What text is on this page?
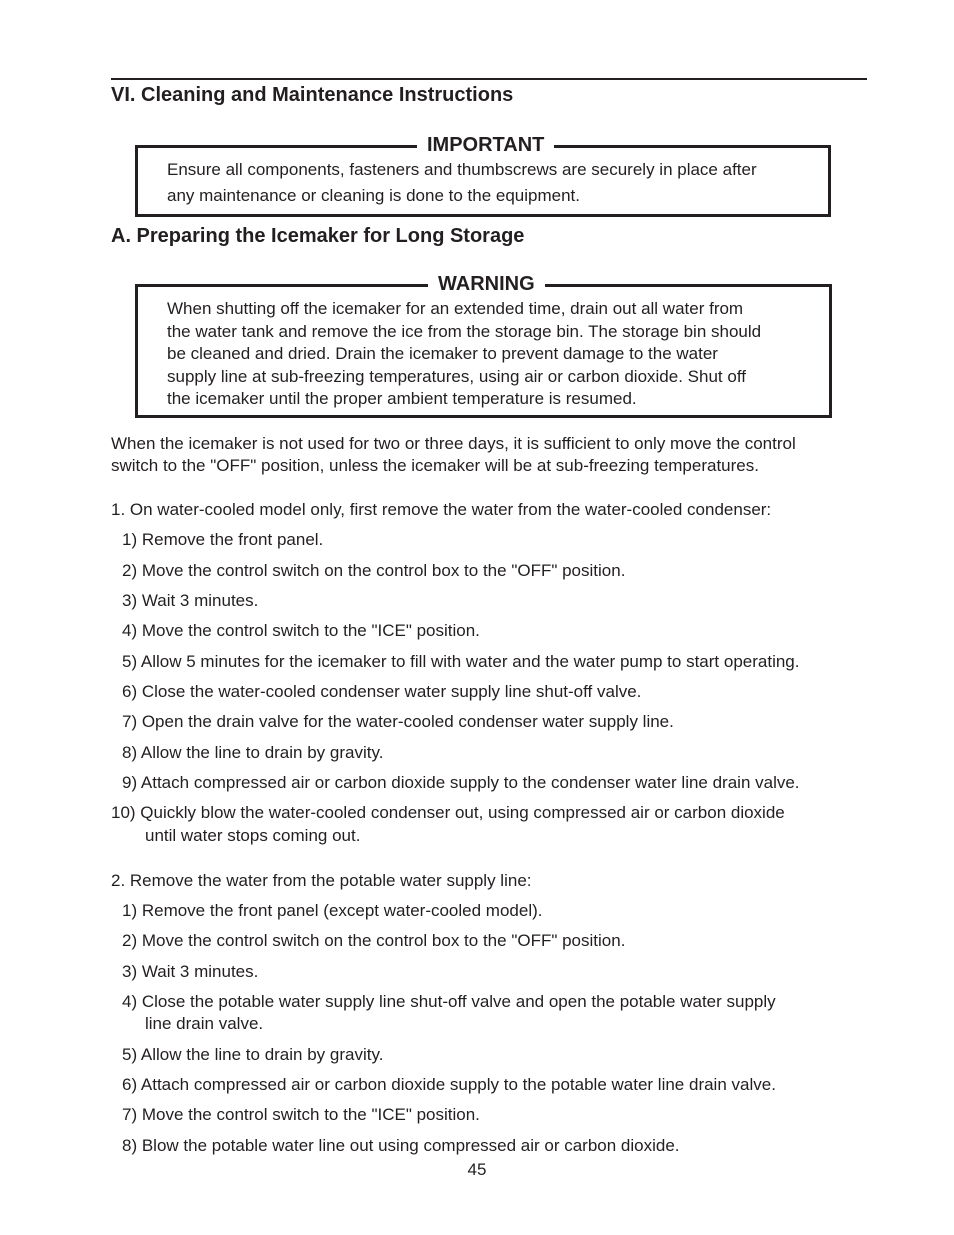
VI. Cleaning and Maintenance Instructions
IMPORTANT
Ensure all components, fasteners and thumbscrews are securely in place after
any maintenance or cleaning is done to the equipment.
A. Preparing the Icemaker for Long Storage
WARNING
When shutting off the icemaker for an extended time, drain out all water from
the water tank and remove the ice from the storage bin. The storage bin should
be cleaned and dried. Drain the icemaker to prevent damage to the water
supply line at sub-freezing temperatures, using air or carbon dioxide. Shut off
the icemaker until the proper ambient temperature is resumed.
When the icemaker is not used for two or three days, it is sufficient to only move the control
switch to the "OFF" position, unless the icemaker will be at sub-freezing temperatures.
1. On water-cooled model only, first remove the water from the water-cooled condenser:
1) Remove the front panel.
2) Move the control switch on the control box to the "OFF" position.
3) Wait 3 minutes.
4) Move the control switch to the "ICE" position.
5) Allow 5 minutes for the icemaker to fill with water and the water pump to start operating.
6) Close the water-cooled condenser water supply line shut-off valve.
7) Open the drain valve for the water-cooled condenser water supply line.
8) Allow the line to drain by gravity.
9) Attach compressed air or carbon dioxide supply to the condenser water line drain valve.
10) Quickly blow the water-cooled condenser out, using compressed air or carbon dioxide
until water stops coming out.
2. Remove the water from the potable water supply line:
1) Remove the front panel (except water-cooled model).
2) Move the control switch on the control box to the "OFF" position.
3) Wait 3 minutes.
4) Close the potable water supply line shut-off valve and open the potable water supply
line drain valve.
5) Allow the line to drain by gravity.
6) Attach compressed air or carbon dioxide supply to the potable water line drain valve.
7) Move the control switch to the "ICE" position.
8) Blow the potable water line out using compressed air or carbon dioxide.
45
